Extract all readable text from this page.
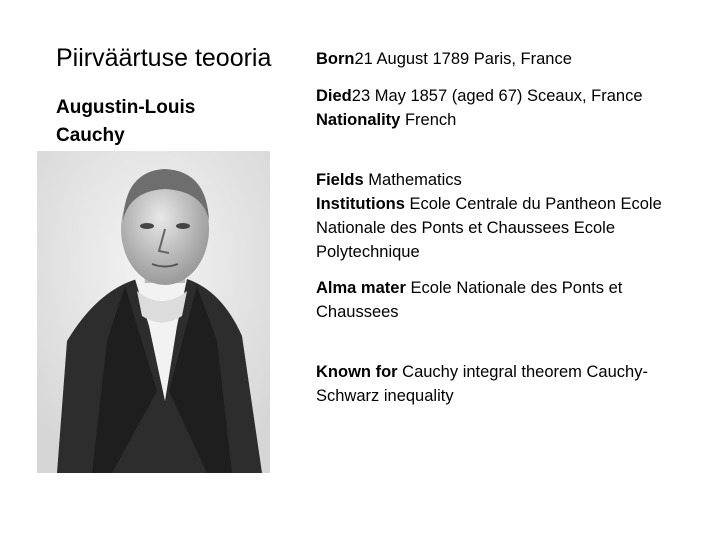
Piirväärtuse teooria
Augustin-Louis
Cauchy
Born21 August 1789 Paris, France
Died23 May 1857 (aged 67) Sceaux, France
Nationality French
Fields Mathematics
Institutions Ecole Centrale du Pantheon Ecole Nationale des Ponts et Chaussees Ecole Polytechnique
Alma mater Ecole Nationale des Ponts et Chaussees
Known for Cauchy integral theorem Cauchy-Schwarz inequality
